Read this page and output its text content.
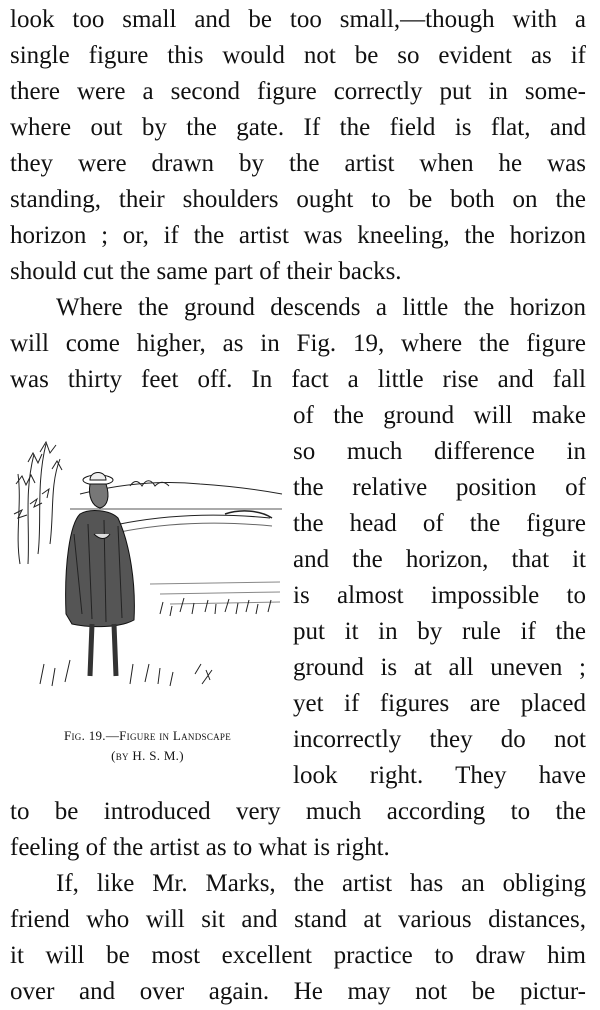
look too small and be too small,—though with a
single figure this would not be so evident as if
there were a second figure correctly put in some-
where out by the gate. If the field is flat, and
they were drawn by the artist when he was
standing, their shoulders ought to be both on the
horizon ; or, if the artist was kneeling, the horizon
should cut the same part of their backs.
Where the ground descends a little the horizon
will come higher, as in Fig. 19, where the figure
was thirty feet off. In fact a little rise and fall
of the ground will make
so much difference in
the relative position of
the head of the figure
and the horizon, that it
is almost impossible to
put it in by rule if the
ground is at all uneven ;
yet if figures are placed
incorrectly they do not
look right. They have
to be introduced very much according to the
feeling of the artist as to what is right.
If, like Mr. Marks, the artist has an obliging
friend who will sit and stand at various distances,
it will be most excellent practice to draw him
over and over again. He may not be pictur-
Fig. 19.—Figure in Landscape
(by H. S. M.)
